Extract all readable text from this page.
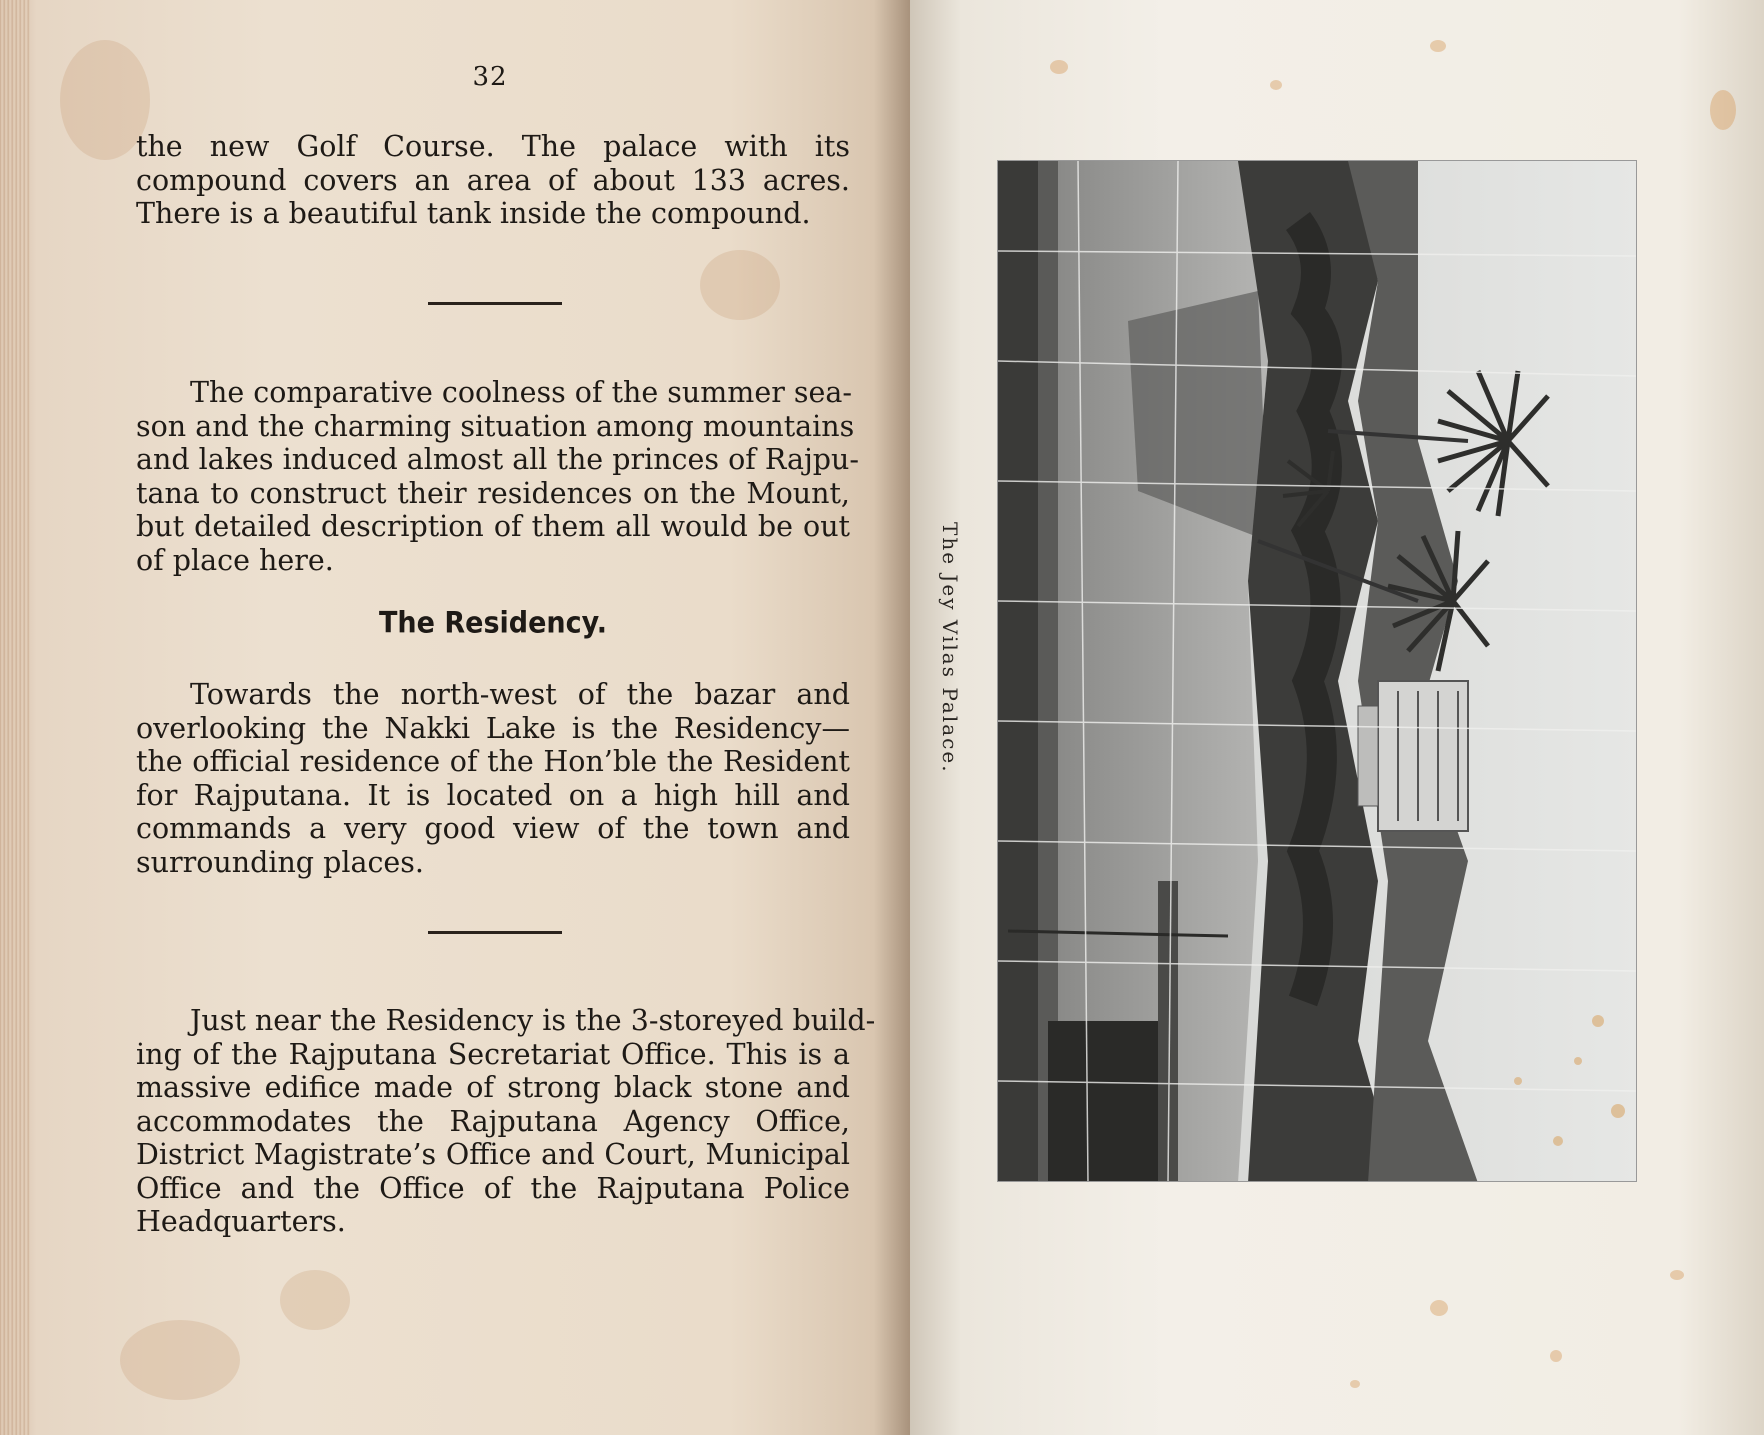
32
the new Golf Course. The palace with its
compound covers an area of about 133 acres.
There is a beautiful tank inside the compound.
The comparative coolness of the summer sea-
son and the charming situation among mountains
and lakes induced almost all the princes of Rajpu-
tana to construct their residences on the Mount,
but detailed description of them all would be out
of place here.
The Residency.
Towards the north-west of the bazar and
overlooking the Nakki Lake is the Residency—
the official residence of the Hon’ble the Resident
for Rajputana. It is located on a high hill and
commands a very good view of the town and
surrounding places.
Just near the Residency is the 3-storeyed build-
ing of the Rajputana Secretariat Office. This is a
massive edifice made of strong black stone and
accommodates the Rajputana Agency Office,
District Magistrate’s Office and Court, Municipal
Office and the Office of the Rajputana Police
Headquarters.
The Jey Vilas Palace.
